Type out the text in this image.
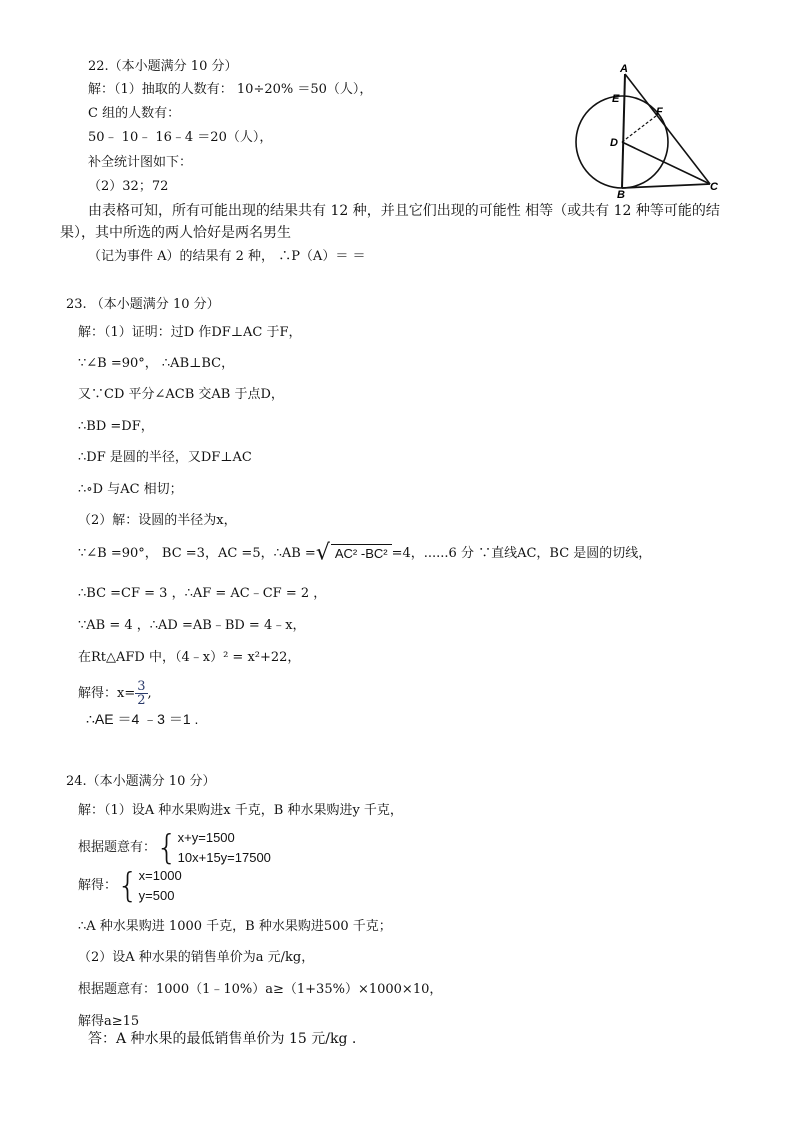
22.（本小题满分 10 分）
解：（1）抽取的人数有： 10÷20% ＝50（人），
C 组的人数有：
50﹣ 10﹣ 16﹣4 ＝20（人），
补全统计图如下：
（2）32；72
由表格可知，所有可能出现的结果共有 12 种，并且它们出现的可能性 相等（或共有 12 种等可能的结
果），其中所选的两人恰好是两名男生
（记为事件 A）的结果有 2 种， ∴P（A）＝ ＝
A
E
F
D
B
C
23. （本小题满分 10 分）
解：（1）证明：过D 作DF⊥AC 于F，
∵∠B =90°， ∴AB⊥BC，
又∵CD 平分∠ACB 交AB 于点D，
∴BD =DF，
∴DF 是圆的半径，又DF⊥AC
∴∘D 与AC 相切；
（2）解：设圆的半径为x，
∵∠B =90°， BC =3，AC =5，∴AB =√ AC² -BC² =4，......6 分 ∵直线AC，BC 是圆的切线，
∴BC =CF = 3 ，∴AF = AC﹣CF = 2 ，
∵AB = 4 ，∴AD =AB﹣BD = 4﹣x，
在Rt△AFD 中，（4﹣x）² = x²+22，
解得：$x= \frac{3}{2}$ ,
∴AE ＝4 ﹣3 ＝1 .
24.（本小题满分 10 分）
解：（1）设A 种水果购进x 千克，B 种水果购进y 千克，
根据题意有：{ x+y=1500
10x+15y=17500
解得：{ x=1000
y=500
∴A 种水果购进 1000 千克，B 种水果购进500 千克；
（2）设A 种水果的销售单价为a 元/kg，
根据题意有：1000（1﹣10%）a≥（1+35%）×1000×10，
解得a≥15
答：A 种水果的最低销售单价为 15 元/kg .
